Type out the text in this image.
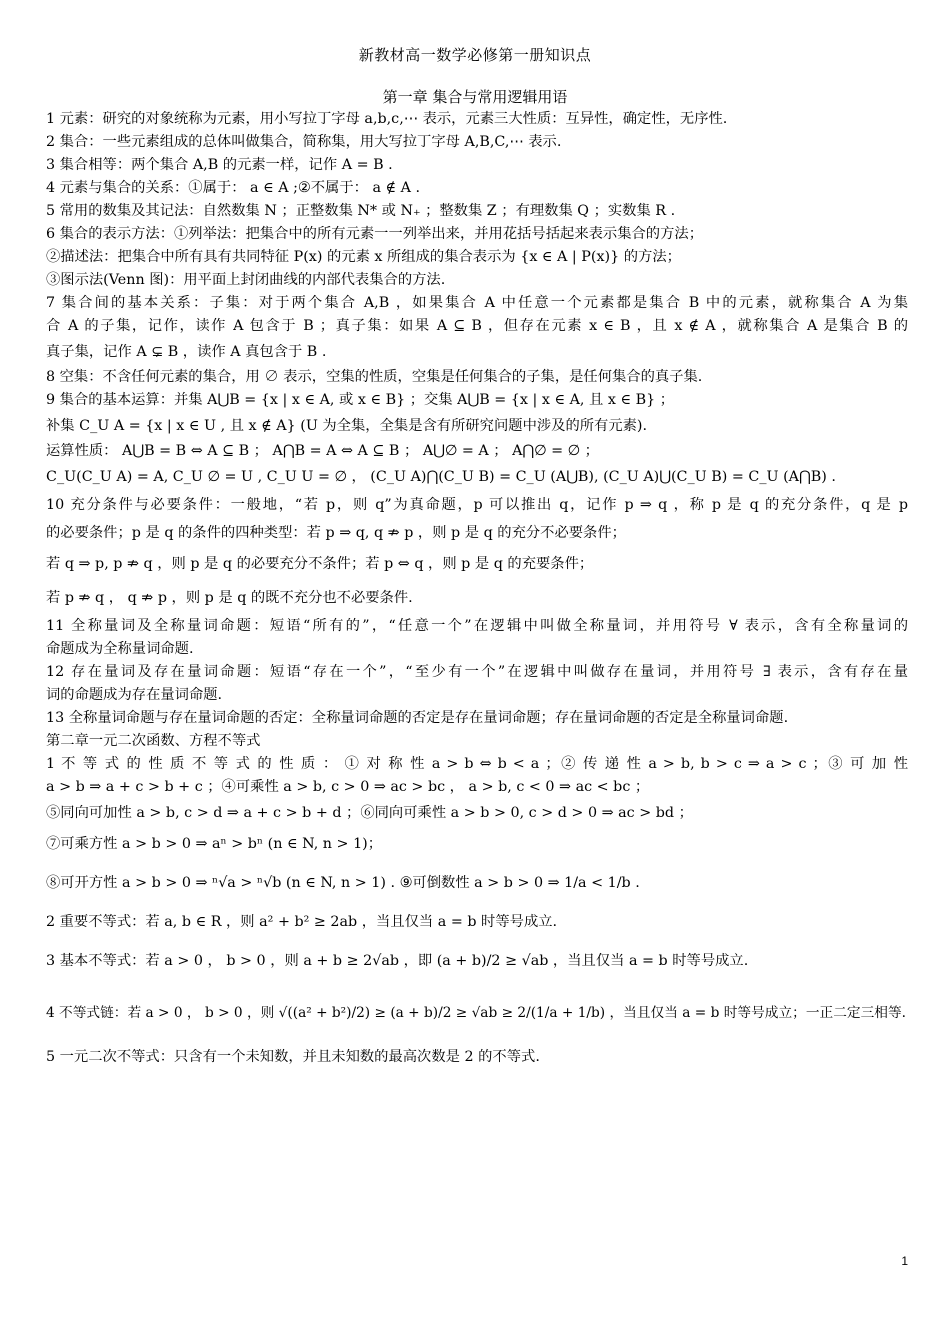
新教材高一数学必修第一册知识点
第一章 集合与常用逻辑用语
1 元素：研究的对象统称为元素，用小写拉丁字母 a,b,c,⋯ 表示，元素三大性质：互异性，确定性，无序性.
2 集合：一些元素组成的总体叫做集合，简称集，用大写拉丁字母 A,B,C,⋯ 表示.
3 集合相等：两个集合 A,B 的元素一样，记作 A = B .
4 元素与集合的关系：①属于： a ∈ A ;②不属于： a ∉ A .
5 常用的数集及其记法：自然数集 N ；正整数集 N* 或 N₊ ；整数集 Z ；有理数集 Q ；实数集 R .
6 集合的表示方法：①列举法：把集合中的所有元素一一列举出来，并用花括号括起来表示集合的方法；
②描述法：把集合中所有具有共同特征 P(x) 的元素 x 所组成的集合表示为 {x ∈ A | P(x)} 的方法；
③图示法(Venn 图)：用平面上封闭曲线的内部代表集合的方法.
7 集合间的基本关系：子集：对于两个集合 A,B ，如果集合 A 中任意一个元素都是集合 B 中的元素，就称集合 A 为集
合 A 的子集，记作，读作 A 包含于 B ；真子集：如果 A ⊆ B ，但存在元素 x ∈ B ，且 x ∉ A ，就称集合 A 是集合 B 的
真子集，记作 A ⊊ B ，读作 A 真包含于 B .
8 空集：不含任何元素的集合，用 ∅ 表示，空集的性质，空集是任何集合的子集，是任何集合的真子集.
9 集合的基本运算：并集 A⋃B = {x | x ∈ A, 或 x ∈ B} ；交集 A⋃B = {x | x ∈ A, 且 x ∈ B} ；
补集 C_U A = {x | x ∈ U , 且 x ∉ A} (U 为全集，全集是含有所研究问题中涉及的所有元素).
运算性质： A⋃B = B ⇔ A ⊆ B ； A⋂B = A ⇔ A ⊆ B ； A⋃∅ = A ； A⋂∅ = ∅ ；
C_U(C_U A) = A, C_U ∅ = U , C_U U = ∅ ， (C_U A)⋂(C_U B) = C_U (A⋃B), (C_U A)⋃(C_U B) = C_U (A⋂B) .
10 充分条件与必要条件：一般地，“若 p，则 q”为真命题，p 可以推出 q，记作 p ⇒ q ，称 p 是 q 的充分条件，q 是 p
的必要条件；p 是 q 的条件的四种类型：若 p ⇒ q, q ⇏ p ，则 p 是 q 的充分不必要条件；
若 q ⇒ p, p ⇏ q ，则 p 是 q 的必要充分不条件；若 p ⇔ q ，则 p 是 q 的充要条件；
若 p ⇏ q ， q ⇏ p ，则 p 是 q 的既不充分也不必要条件.
11 全称量词及全称量词命题：短语“所有的”，“任意一个”在逻辑中叫做全称量词，并用符号 ∀ 表示，含有全称量词的
命题成为全称量词命题.
12 存在量词及存在量词命题：短语“存在一个”，“至少有一个”在逻辑中叫做存在量词，并用符号 ∃ 表示，含有存在量
词的命题成为存在量词命题.
13 全称量词命题与存在量词命题的否定：全称量词命题的否定是存在量词命题；存在量词命题的否定是全称量词命题.
第二章一元二次函数、方程不等式
1 不 等 式 的 性 质 不 等 式 的 性 质 ： ① 对 称 性 a > b ⇔ b < a ；② 传 递 性 a > b, b > c ⇒ a > c ；③ 可 加 性
a > b ⇒ a + c > b + c ；④可乘性 a > b, c > 0 ⇒ ac > bc ， a > b, c < 0 ⇒ ac < bc ；
⑤同向可加性 a > b, c > d ⇒ a + c > b + d ；⑥同向可乘性 a > b > 0, c > d > 0 ⇒ ac > bd ；
⑦可乘方性 a > b > 0 ⇒ aⁿ > bⁿ (n ∈ N, n > 1)；
⑧可开方性 a > b > 0 ⇒ ⁿ√a > ⁿ√b (n ∈ N, n > 1) . ⑨可倒数性 a > b > 0 ⇒ 1/a < 1/b .
2 重要不等式：若 a, b ∈ R ，则 a² + b² ≥ 2ab ，当且仅当 a = b 时等号成立.
3 基本不等式：若 a > 0 ， b > 0 ，则 a + b ≥ 2√ab ，即 (a + b)/2 ≥ √ab ，当且仅当 a = b 时等号成立.
4 不等式链：若 a > 0 ， b > 0 ，则 √((a² + b²)/2) ≥ (a + b)/2 ≥ √ab ≥ 2/(1/a + 1/b) ，当且仅当 a = b 时等号成立；一正二定三相等.
5 一元二次不等式：只含有一个未知数，并且未知数的最高次数是 2 的不等式.
1
